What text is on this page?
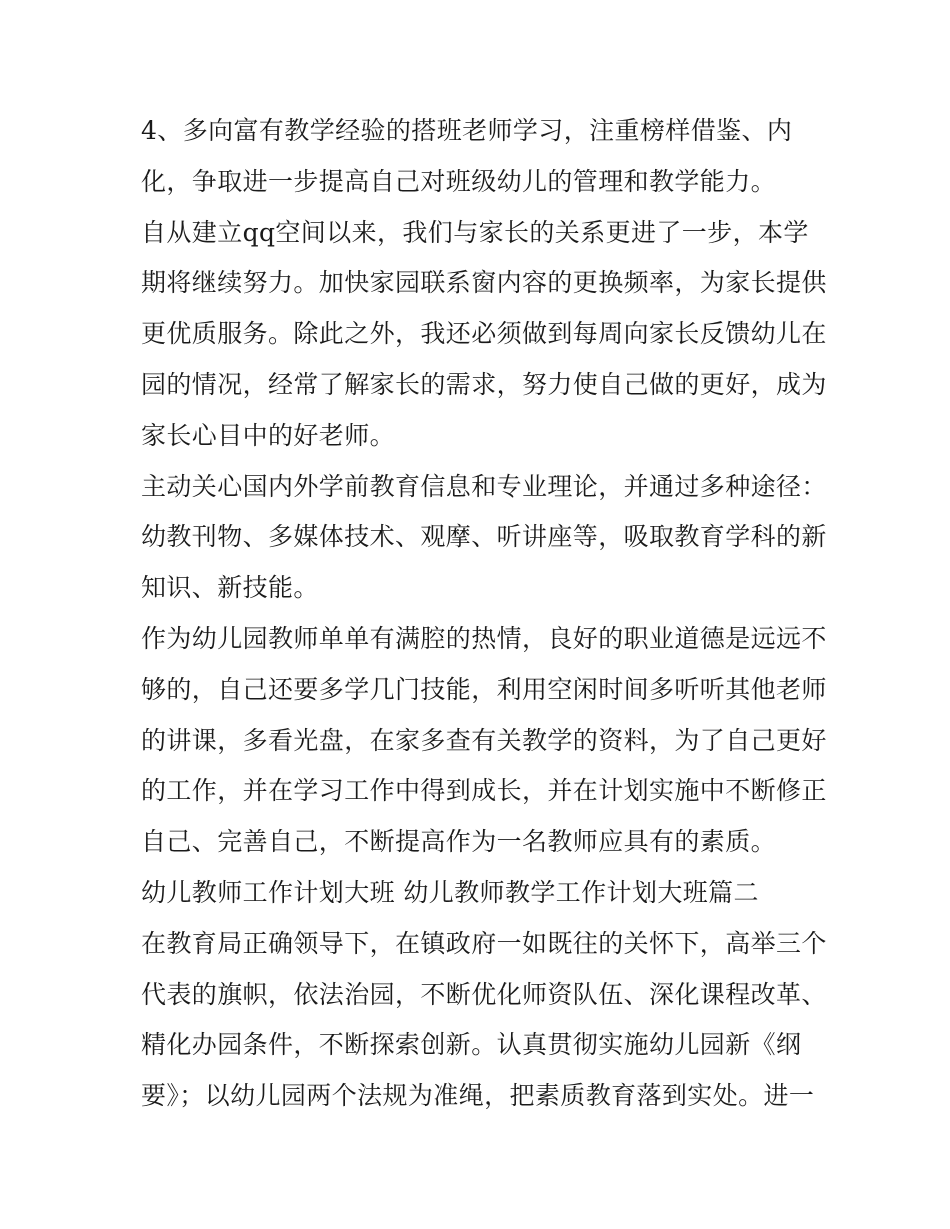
4、多向富有教学经验的搭班老师学习，注重榜样借鉴、内
化，争取进一步提高自己对班级幼儿的管理和教学能力。
自从建立qq空间以来，我们与家长的关系更进了一步，本学
期将继续努力。加快家园联系窗内容的更换频率，为家长提供
更优质服务。除此之外，我还必须做到每周向家长反馈幼儿在
园的情况，经常了解家长的需求，努力使自己做的更好，成为
家长心目中的好老师。
主动关心国内外学前教育信息和专业理论，并通过多种途径：
幼教刊物、多媒体技术、观摩、听讲座等，吸取教育学科的新
知识、新技能。
作为幼儿园教师单单有满腔的热情，良好的职业道德是远远不
够的，自己还要多学几门技能，利用空闲时间多听听其他老师
的讲课，多看光盘，在家多查有关教学的资料，为了自己更好
的工作，并在学习工作中得到成长，并在计划实施中不断修正
自己、完善自己，不断提高作为一名教师应具有的素质。
幼儿教师工作计划大班 幼儿教师教学工作计划大班篇二
在教育局正确领导下，在镇政府一如既往的关怀下，高举三个
代表的旗帜，依法治园，不断优化师资队伍、深化课程改革、
精化办园条件，不断探索创新。认真贯彻实施幼儿园新《纲
要》；以幼儿园两个法规为准绳，把素质教育落到实处。进一
